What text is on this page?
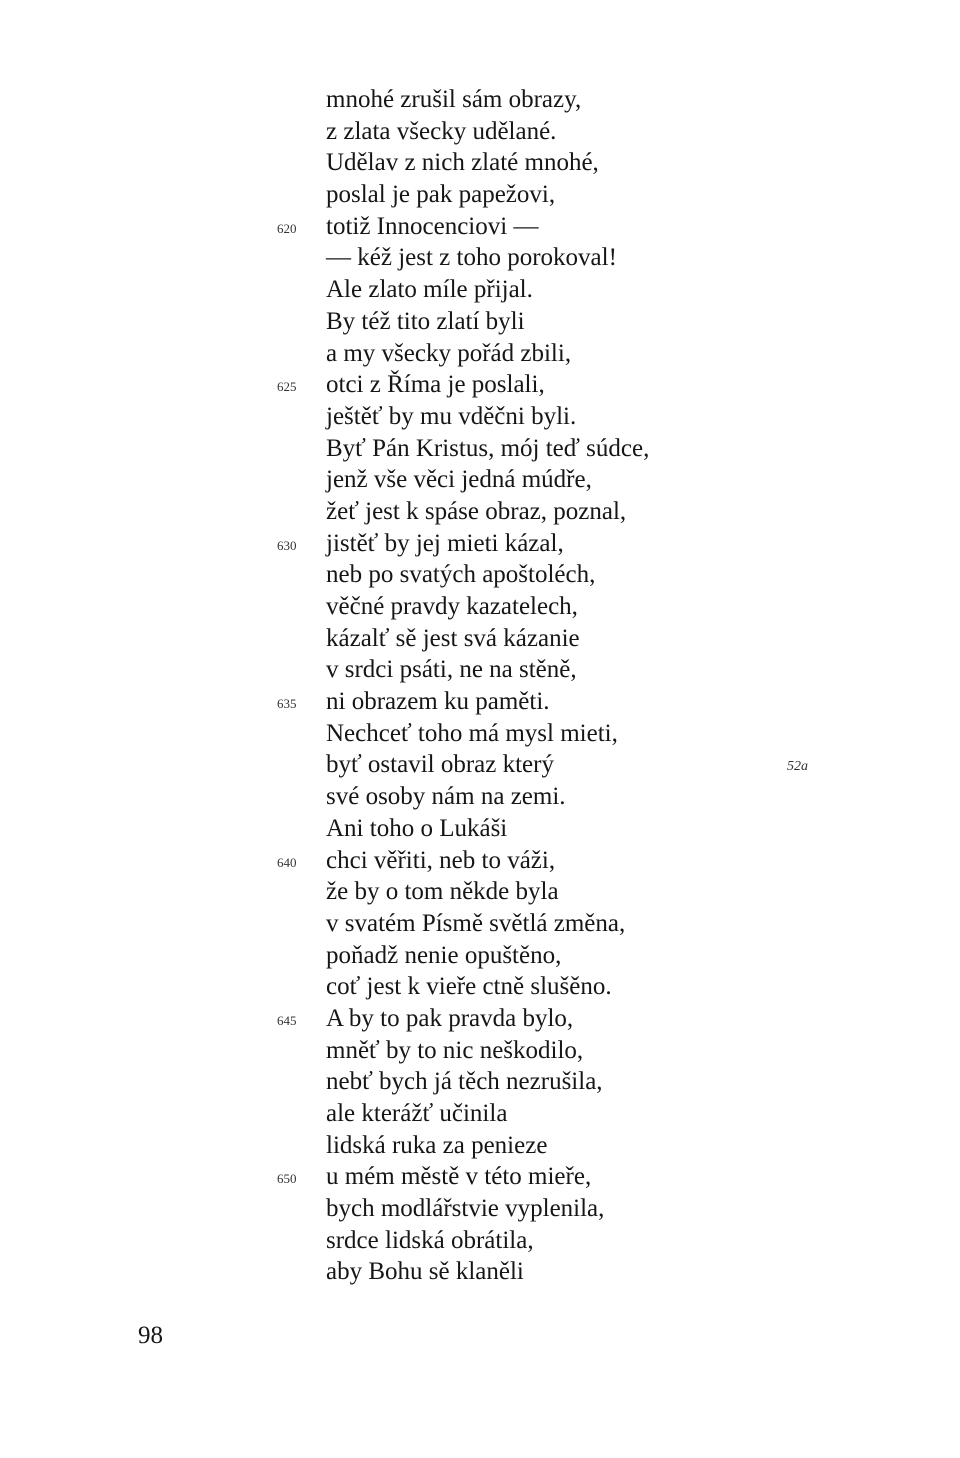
mnohé zrušil sám obrazy,
z zlata všecky udělané.
Udělav z nich zlaté mnohé,
poslal je pak papežovi,
620 totiž Innocenciovi —
— kéž jest z toho porokoval!
Ale zlato míle přijal.
By též tito zlatí byli
a my všecky pořád zbili,
625 otci z Říma je poslali,
ještěť by mu vděčni byli.
Byť Pán Kristus, mój teď súdce,
jenž vše věci jedná múdře,
žeť jest k spáse obraz, poznal,
630 jistěť by jej mieti kázal,
neb po svatých apoštoléch,
věčné pravdy kazatelech,
kázalť sě jest svá kázanie
v srdci psáti, ne na stěně,
635 ni obrazem ku paměti.
Nechceť toho má mysl mieti,
byť ostavil obraz který	52a
své osoby nám na zemi.
Ani toho o Lukáši
640 chci věřiti, neb to váži,
že by o tom někde byla
v svatém Písmě světlá změna,
poňadž nenie opuštěno,
coť jest k vieře ctně slušěno.
645 A by to pak pravda bylo,
mněť by to nic neškodilo,
nebť bych já těch nezrušila,
ale kterážť učinila
lidská ruka za penieze
650 u mém městě v této mieře,
bych modlářstvie vyplenila,
srdce lidská obrátila,
aby Bohu sě klaněli
98
